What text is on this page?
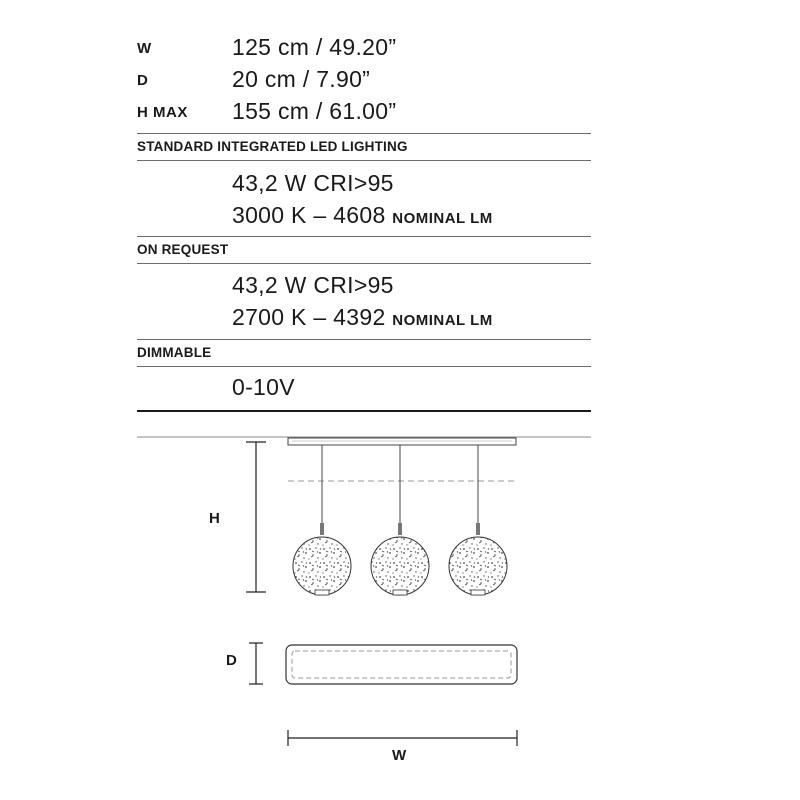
W	125 cm / 49.20”
D	20 cm / 7.90”
H MAX 155 cm / 61.00”
STANDARD INTEGRATED LED LIGHTING
43,2 W CRI>95
3000 K – 4608 NOMINAL LM
ON REQUEST
43,2 W CRI>95
2700 K – 4392 NOMINAL LM
DIMMABLE
0-10V
H
D
W
